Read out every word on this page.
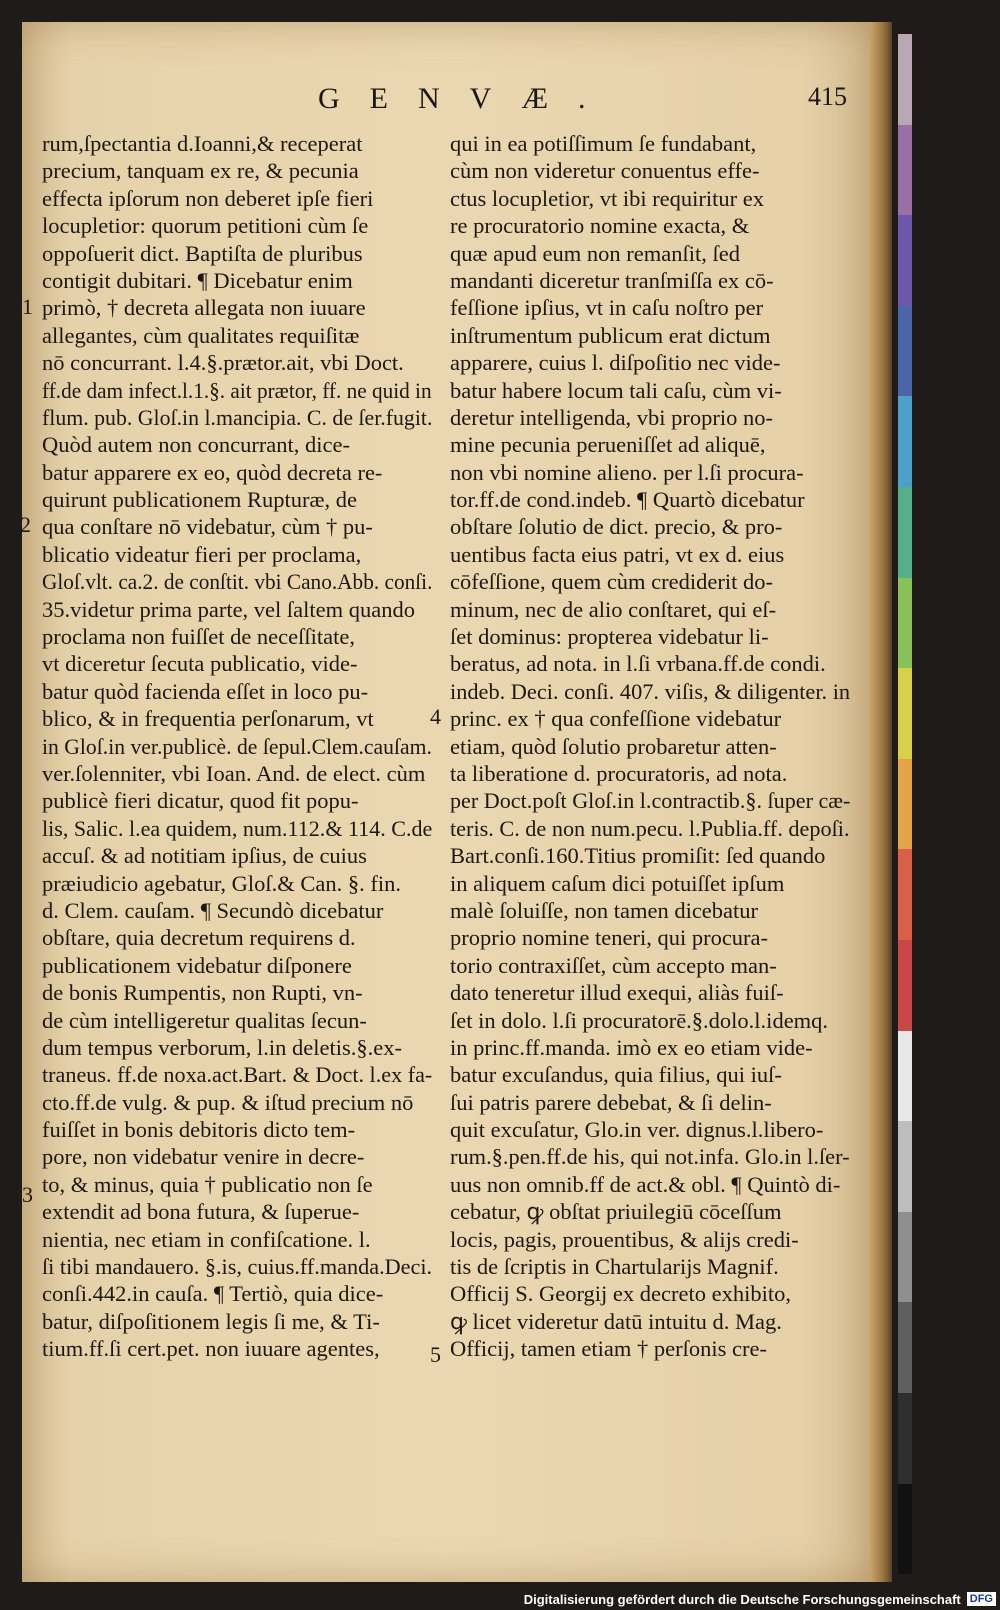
GENVÆ.	415
rum,ſpectantia d.Ioanni,& receperat
precium, tanquam ex re, & pecunia
effecta ipſorum non deberet ipſe fieri
locupletior: quorum petitioni cùm ſe
oppoſuerit dict. Baptiſta de pluribus
contigit dubitari. ¶ Dicebatur enim
primò, † decreta allegata non iuuare
allegantes, cùm qualitates requiſitæ
nō concurrant. l.4.§.prætor.ait, vbi Doct.
ff.de dam infect.l.1.§. ait prætor, ff. ne quid in
flum. pub. Gloſ.in l.mancipia. C. de ſer.fugit.
Quòd autem non concurrant, dice-
batur apparere ex eo, quòd decreta re-
quirunt publicationem Rupturæ, de
qua conſtare nō videbatur, cùm † pu-
blicatio videatur fieri per proclama,
Gloſ.vlt. ca.2. de conſtit. vbi Cano.Abb. conſi.
35.videtur prima parte, vel ſaltem quando
proclama non fuiſſet de neceſſitate,
vt diceretur ſecuta publicatio, vide-
batur quòd facienda eſſet in loco pu-
blico, & in frequentia perſonarum, vt
in Gloſ.in ver.publicè. de ſepul.Clem.cauſam.
ver.ſolenniter, vbi Ioan. And. de elect. cùm
publicè fieri dicatur, quod fit popu-
lis, Salic. l.ea quidem, num.112.& 114. C.de
accuſ. & ad notitiam ipſius, de cuius
præiudicio agebatur, Gloſ.& Can. §. fin.
d. Clem. cauſam. ¶ Secundò dicebatur
obſtare, quia decretum requirens d.
publicationem videbatur diſponere
de bonis Rumpentis, non Rupti, vn-
de cùm intelligeretur qualitas ſecun-
dum tempus verborum, l.in deletis.§.ex-
traneus. ff.de noxa.act.Bart. & Doct. l.ex fa-
cto.ff.de vulg. & pup. & iſtud precium nō
fuiſſet in bonis debitoris dicto tem-
pore, non videbatur venire in decre-
to, & minus, quia † publicatio non ſe
extendit ad bona futura, & ſuperue-
nientia, nec etiam in confiſcatione. l.
ſi tibi mandauero. §.is, cuius.ff.manda.Deci.
conſi.442.in cauſa. ¶ Tertiò, quia dice-
batur, diſpoſitionem legis ſi me, & Ti-
tium.ff.ſi cert.pet. non iuuare agentes,
qui in ea potiſſimum ſe fundabant,
cùm non videretur conuentus effe-
ctus locupletior, vt ibi requiritur ex
re procuratorio nomine exacta, &
quæ apud eum non remanſit, ſed
mandanti diceretur tranſmiſſa ex cō-
feſſione ipſius, vt in caſu noſtro per
inſtrumentum publicum erat dictum
apparere, cuius l. diſpoſitio nec vide-
batur habere locum tali caſu, cùm vi-
deretur intelligenda, vbi proprio no-
mine pecunia perueniſſet ad aliquē,
non vbi nomine alieno. per l.ſi procura-
tor.ff.de cond.indeb. ¶ Quartò dicebatur
obſtare ſolutio de dict. precio, & pro-
uentibus facta eius patri, vt ex d. eius
cōfeſſione, quem cùm crediderit do-
minum, nec de alio conſtaret, qui eſ-
ſet dominus: propterea videbatur li-
beratus, ad nota. in l.ſi vrbana.ff.de condi.
indeb. Deci. conſi. 407. viſis, & diligenter. in
princ. ex † qua confeſſione videbatur
etiam, quòd ſolutio probaretur atten-
ta liberatione d. procuratoris, ad nota.
per Doct.poſt Gloſ.in l.contractib.§. ſuper cæ-
teris. C. de non num.pecu. l.Publia.ff. depoſi.
Bart.conſi.160.Titius promiſit: ſed quando
in aliquem caſum dici potuiſſet ipſum
malè ſoluiſſe, non tamen dicebatur
proprio nomine teneri, qui procura-
torio contraxiſſet, cùm accepto man-
dato teneretur illud exequi, aliàs fuiſ-
ſet in dolo. l.ſi procuratorē.§.dolo.l.idemq.
in princ.ff.manda. imò ex eo etiam vide-
batur excuſandus, quia filius, qui iuſ-
ſui patris parere debebat, & ſi delin-
quit excuſatur, Glo.in ver. dignus.l.libero-
rum.§.pen.ff.de his, qui not.infa. Glo.in l.ſer-
uus non omnib.ff de act.& obl. ¶ Quintò di-
cebatur, ꝙ obſtat priuilegiū cōceſſum
locis, pagis, prouentibus, & alijs credi-
tis de ſcriptis in Chartularijs Magnif.
Officij S. Georgij ex decreto exhibito,
ꝙ licet videretur datū intuitu d. Mag.
Officij, tamen etiam † perſonis cre-
1
2
3
4
5
Digitalisierung gefördert durch die Deutsche Forschungsgemeinschaft DFG
